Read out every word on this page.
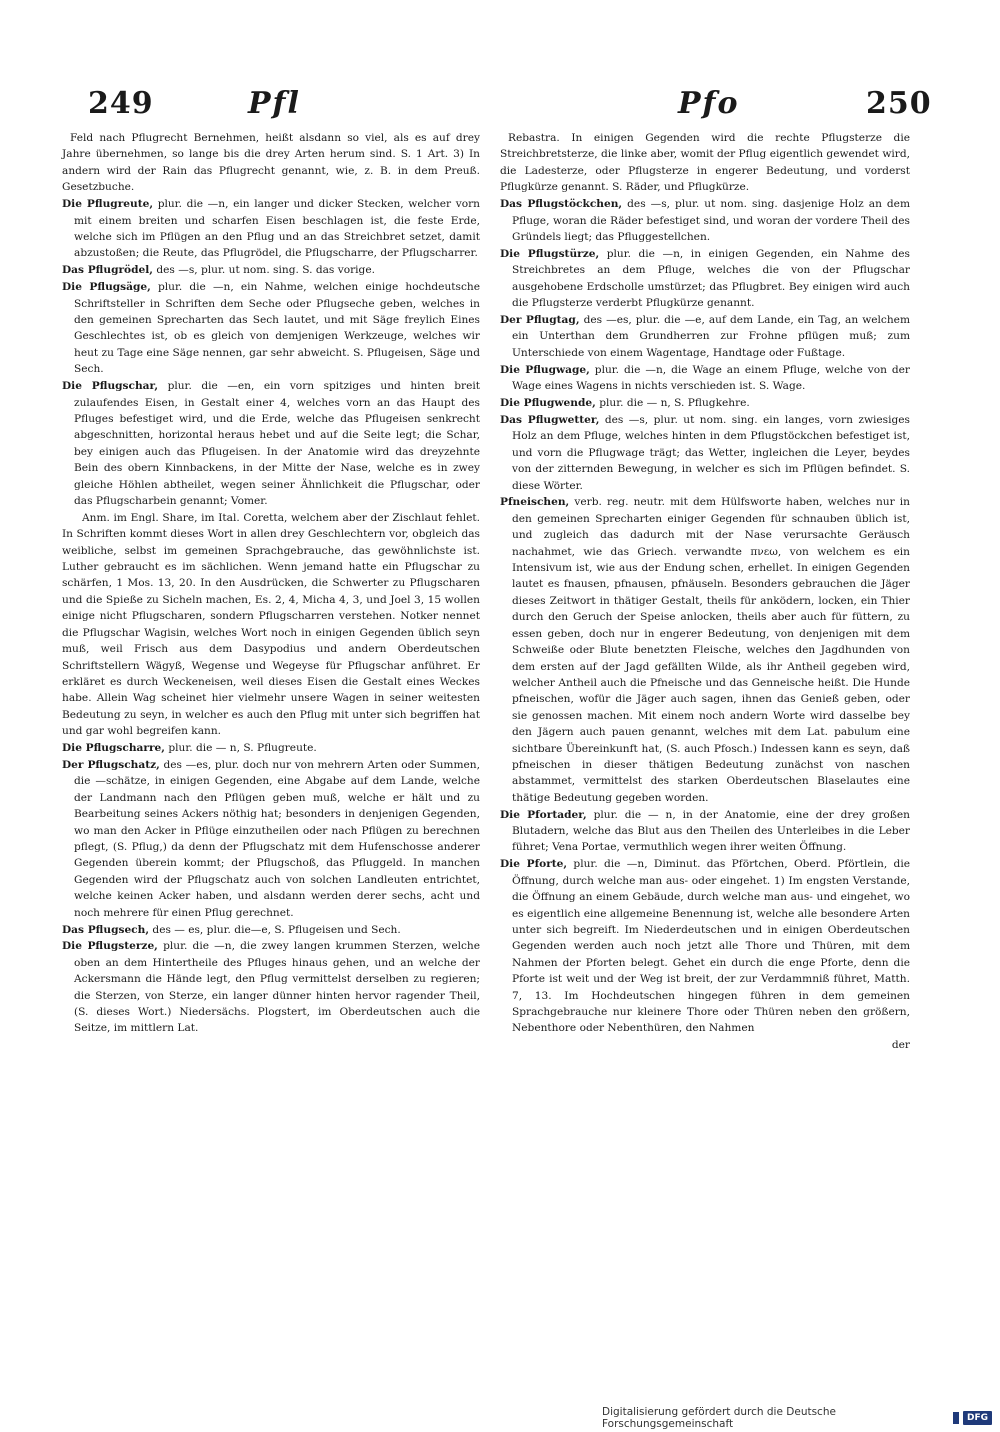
249	Pfl	Pfo	250

Feld nach Pflugrecht Bernehmen, heißt alsdann so viel, als es auf drey Jahre übernehmen, so lange bis die drey Arten herum sind. S. 1 Art. 3) In andern wird der Rain das Pflugrecht genannt, wie, z. B. in dem Preuß. Gesetzbuche.

Die Pflugreute, plur. die —n, ein langer und dicker Stecken, welcher vorn mit einem breiten und scharfen Eisen beschlagen ist, die feste Erde, welche sich im Pflügen an den Pflug und an das Streichbret setzet, damit abzustoßen; die Reute, das Pflugrödel, die Pflugscharre, der Pflugscharrer.

Das Pflugrödel, des —s, plur. ut nom. sing. S. das vorige.

Die Pflugsäge, plur. die —n, ein Nahme, welchen einige hochdeutsche Schriftsteller in Schriften dem Seche oder Pflugseche geben, welches in den gemeinen Sprecharten das Sech lautet, und mit Säge freylich Eines Geschlechtes ist, ob es gleich von demjenigen Werkzeuge, welches wir heut zu Tage eine Säge nennen, gar sehr abweicht. S. Pflugeisen, Säge und Sech.

Die Pflugschar, plur. die —en, ein vorn spitziges und hinten breit zulaufendes Eisen, in Gestalt einer 4, welches vorn an das Haupt des Pfluges befestiget wird, und die Erde, welche das Pflugeisen senkrecht abgeschnitten, horizontal heraus hebet und auf die Seite legt; die Schar, bey einigen auch das Pflugeisen. In der Anatomie wird das dreyzehnte Bein des obern Kinnbackens, in der Mitte der Nase, welche es in zwey gleiche Höhlen abtheilet, wegen seiner Ähnlichkeit die Pflugschar, oder das Pflugscharbein genannt; Vomer.

Anm. im Engl. Share, im Ital. Coretta, welchem aber der Zischlaut fehlet. In Schriften kommt dieses Wort in allen drey Geschlechtern vor, obgleich das weibliche, selbst im gemeinen Sprachgebrauche, das gewöhnlichste ist. Luther gebraucht es im sächlichen. Wenn jemand hatte ein Pflugschar zu schärfen, 1 Mos. 13, 20. In den Ausdrücken, die Schwerter zu Pflugscharen und die Spieße zu Sicheln machen, Es. 2, 4, Micha 4, 3, und Joel 3, 15 wollen einige nicht Pflugscharen, sondern Pflugscharren verstehen. Notker nennet die Pflugschar Wagisin, welches Wort noch in einigen Gegenden üblich seyn muß, weil Frisch aus dem Dasypodius und andern Oberdeutschen Schriftstellern Wägyß, Wegense und Wegeyse für Pflugschar anführet. Er erkläret es durch Weckeneisen, weil dieses Eisen die Gestalt eines Weckes habe. Allein Wag scheinet hier vielmehr unsere Wagen in seiner weitesten Bedeutung zu seyn, in welcher es auch den Pflug mit unter sich begriffen hat und gar wohl begreifen kann.

Die Pflugscharre, plur. die — n, S. Pflugreute.

Der Pflugschatz, des —es, plur. doch nur von mehrern Arten oder Summen, die —schätze, in einigen Gegenden, eine Abgabe auf dem Lande, welche der Landmann nach den Pflügen geben muß, welche er hält und zu Bearbeitung seines Ackers nöthig hat; besonders in denjenigen Gegenden, wo man den Acker in Pflüge einzutheilen oder nach Pflügen zu berechnen pflegt, (S. Pflug,) da denn der Pflugschatz mit dem Hufenschosse anderer Gegenden überein kommt; der Pflugschoß, das Pfluggeld. In manchen Gegenden wird der Pflugschatz auch von solchen Landleuten entrichtet, welche keinen Acker haben, und alsdann werden derer sechs, acht und noch mehrere für einen Pflug gerechnet.

Das Pflugsech, des — es, plur. die—e, S. Pflugeisen und Sech.

Die Pflugsterze, plur. die —n, die zwey langen krummen Sterzen, welche oben an dem Hintertheile des Pfluges hinaus gehen, und an welche der Ackersmann die Hände legt, den Pflug vermittelst derselben zu regieren; die Sterzen, von Sterze, ein langer dünner hinten hervor ragender Theil, (S. dieses Wort.) Niedersächs. Plogstert, im Oberdeutschen auch die Seitze, im mittlern Lat.

Rebastra. In einigen Gegenden wird die rechte Pflugsterze die Streichbretsterze, die linke aber, womit der Pflug eigentlich gewendet wird, die Ladesterze, oder Pflugsterze in engerer Bedeutung, und vorderst Pflugkürze genannt. S. Räder, und Pflugkürze.

Das Pflugstöckchen, des —s, plur. ut nom. sing. dasjenige Holz an dem Pfluge, woran die Räder befestiget sind, und woran der vordere Theil des Gründels liegt; das Pfluggestellchen.

Die Pflugstürze, plur. die —n, in einigen Gegenden, ein Nahme des Streichbretes an dem Pfluge, welches die von der Pflugschar ausgehobene Erdscholle umstürzet; das Pflugbret. Bey einigen wird auch die Pflugsterze verderbt Pflugkürze genannt.

Der Pflugtag, des —es, plur. die —e, auf dem Lande, ein Tag, an welchem ein Unterthan dem Grundherren zur Frohne pflügen muß; zum Unterschiede von einem Wagentage, Handtage oder Fußtage.

Die Pflugwage, plur. die —n, die Wage an einem Pfluge, welche von der Wage eines Wagens in nichts verschieden ist. S. Wage.

Die Pflugwende, plur. die — n, S. Pflugkehre.

Das Pflugwetter, des —s, plur. ut nom. sing. ein langes, vorn zwiesiges Holz an dem Pfluge, welches hinten in dem Pflugstöckchen befestiget ist, und vorn die Pflugwage trägt; das Wetter, ingleichen die Leyer, beydes von der zitternden Bewegung, in welcher es sich im Pflügen befindet. S. diese Wörter.

Pfneischen, verb. reg. neutr. mit dem Hülfsworte haben, welches nur in den gemeinen Sprecharten einiger Gegenden für schnauben üblich ist, und zugleich das dadurch mit der Nase verursachte Geräusch nachahmet, wie das Griech. verwandte πνεω, von welchem es ein Intensivum ist, wie aus der Endung schen, erhellet. In einigen Gegenden lautet es fnausen, pfnausen, pfnäuseln. Besonders gebrauchen die Jäger dieses Zeitwort in thätiger Gestalt, theils für anködern, locken, ein Thier durch den Geruch der Speise anlocken, theils aber auch für füttern, zu essen geben, doch nur in engerer Bedeutung, von denjenigen mit dem Schweiße oder Blute benetzten Fleische, welches den Jagdhunden von dem ersten auf der Jagd gefällten Wilde, als ihr Antheil gegeben wird, welcher Antheil auch die Pfneische und das Genneische heißt. Die Hunde pfneischen, wofür die Jäger auch sagen, ihnen das Genieß geben, oder sie genossen machen. Mit einem noch andern Worte wird dasselbe bey den Jägern auch pauen genannt, welches mit dem Lat. pabulum eine sichtbare Übereinkunft hat, (S. auch Pfosch.) Indessen kann es seyn, daß pfneischen in dieser thätigen Bedeutung zunächst von naschen abstammet, vermittelst des starken Oberdeutschen Blaselautes eine thätige Bedeutung gegeben worden.

Die Pfortader, plur. die — n, in der Anatomie, eine der drey großen Blutadern, welche das Blut aus den Theilen des Unterleibes in die Leber führet; Vena Portae, vermuthlich wegen ihrer weiten Öffnung.

Die Pforte, plur. die —n, Diminut. das Pförtchen, Oberd. Pförtlein, die Öffnung, durch welche man aus- oder eingehet. 1) Im engsten Verstande, die Öffnung an einem Gebäude, durch welche man aus- und eingehet, wo es eigentlich eine allgemeine Benennung ist, welche alle besondere Arten unter sich begreift. Im Niederdeutschen und in einigen Oberdeutschen Gegenden werden auch noch jetzt alle Thore und Thüren, mit dem Nahmen der Pforten belegt. Gehet ein durch die enge Pforte, denn die Pforte ist weit und der Weg ist breit, der zur Verdammniß führet, Matth. 7, 13. Im Hochdeutschen hingegen führen in dem gemeinen Sprachgebrauche nur kleinere Thore oder Thüren neben den größern, Nebenthore oder Nebenthüren, den Nahmen

der

Digitalisierung gefördert durch die Deutsche Forschungsgemeinschaft	DFG
